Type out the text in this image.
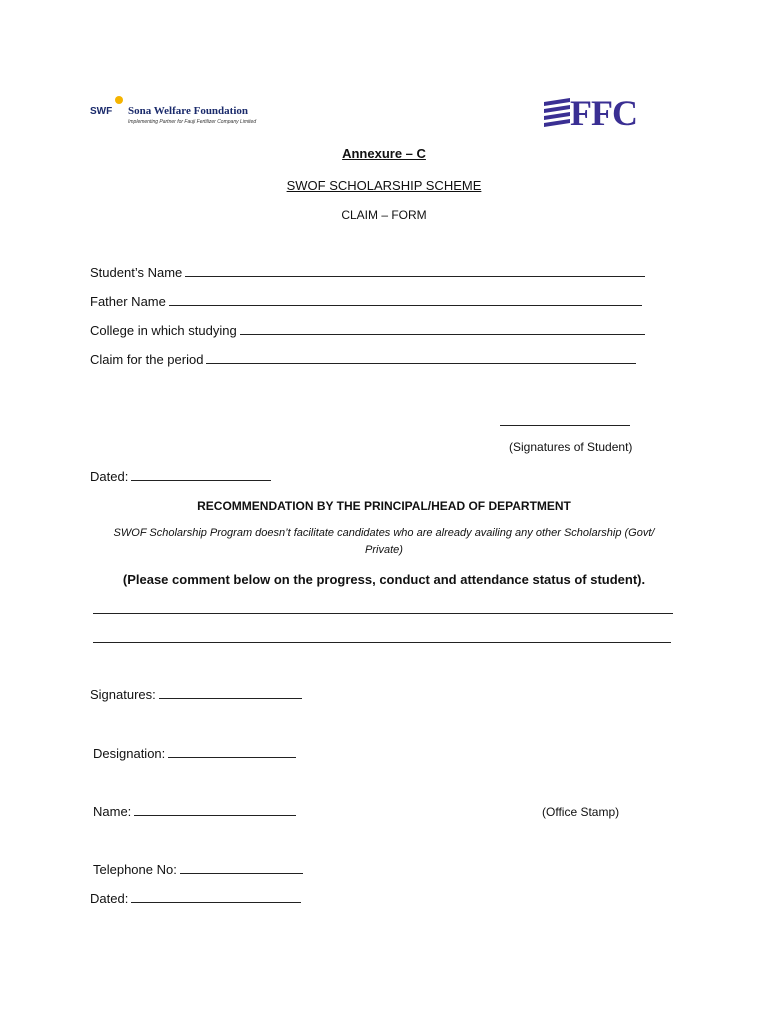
SWF Sona Welfare Foundation
Implementing Partner for Fauji Fertilizer Company Limited	FFC
Annexure – C
SWOF SCHOLARSHIP SCHEME
CLAIM – FORM
Student’s Name
Father Name
College in which studying
Claim for the period
(Signatures of Student)
Dated:
RECOMMENDATION BY THE PRINCIPAL/HEAD OF DEPARTMENT
SWOF Scholarship Program doesn’t facilitate candidates who are already availing any other Scholarship (Govt/
Private)
(Please comment below on the progress, conduct and attendance status of student).
Signatures:
Designation:
Name:	(Office Stamp)
Telephone No:
Dated:
